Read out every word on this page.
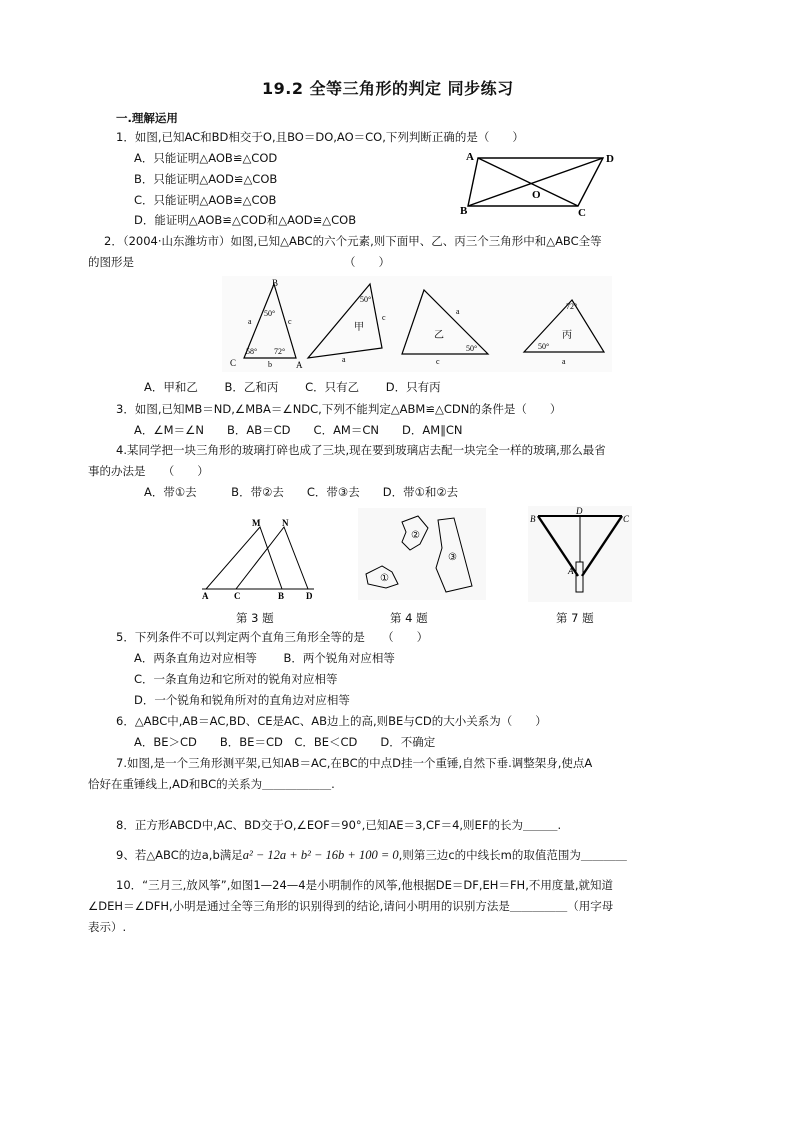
19.2 全等三角形的判定 同步练习
一.理解运用
1．如图,已知AC和BD相交于O,且BO＝DO,AO＝CO,下列判断正确的是（　　）
A．只能证明△AOB≌△COD
B．只能证明△AOD≌△COB
C．只能证明△AOB≌△COB
D．能证明△AOB≌△COD和△AOD≌△COB
A	D
O
B	C
2．（2004·山东潍坊市）如图,已知△ABC的六个元素,则下面甲、乙、丙三个三角形中和△ABC全等
的图形是	（　　）
B
C	A
a	c
b
50°
58° 72°
50°
甲
c
a
a
乙
c
50°
72°
丙
50°
a
A．甲和乙　　 B．乙和丙　　 C．只有乙　　 D．只有丙
3．如图,已知MB＝ND,∠MBA＝∠NDC,下列不能判定△ABM≌△CDN的条件是（　　）
A．∠M＝∠N　　B．AB＝CD　　C．AM＝CN　　D．AM∥CN
4.某同学把一块三角形的玻璃打碎也成了三块,现在要到玻璃店去配一块完全一样的玻璃,那么最省
事的办法是　　（　　）
A．带①去　　　B．带②去　　C．带③去　　D．带①和②去
M N
A	C	B D
第 3 题
①
②
③
第 4 题
B
D
C
A
第 7 题
5．下列条件不可以判定两个直角三角形全等的是　　（　　）
A．两条直角边对应相等　　 B．两个锐角对应相等
C．一条直角边和它所对的锐角对应相等
D．一个锐角和锐角所对的直角边对应相等
6．△ABC中,AB＝AC,BD、CE是AC、AB边上的高,则BE与CD的大小关系为（　　）
A．BE＞CD　　B．BE＝CD　C．BE＜CD　　D．不确定
7.如图,是一个三角形测平架,已知AB＝AC,在BC的中点D挂一个重锤,自然下垂.调整架身,使点A
恰好在重锤线上,AD和BC的关系为＿＿＿＿＿＿.
8．正方形ABCD中,AC、BD交于O,∠EOF＝90°,已知AE＝3,CF＝4,则EF的长为＿＿＿.
9、若△ABC的边a,b满足a² − 12a + b² − 16b + 100 = 0,则第三边c的中线长m的取值范围为＿＿＿＿
10．“三月三,放风筝”,如图1—24—4是小明制作的风筝,他根据DE＝DF,EH＝FH,不用度量,就知道
∠DEH＝∠DFH,小明是通过全等三角形的识别得到的结论,请问小明用的识别方法是＿＿＿＿＿（用字母
表示）.
